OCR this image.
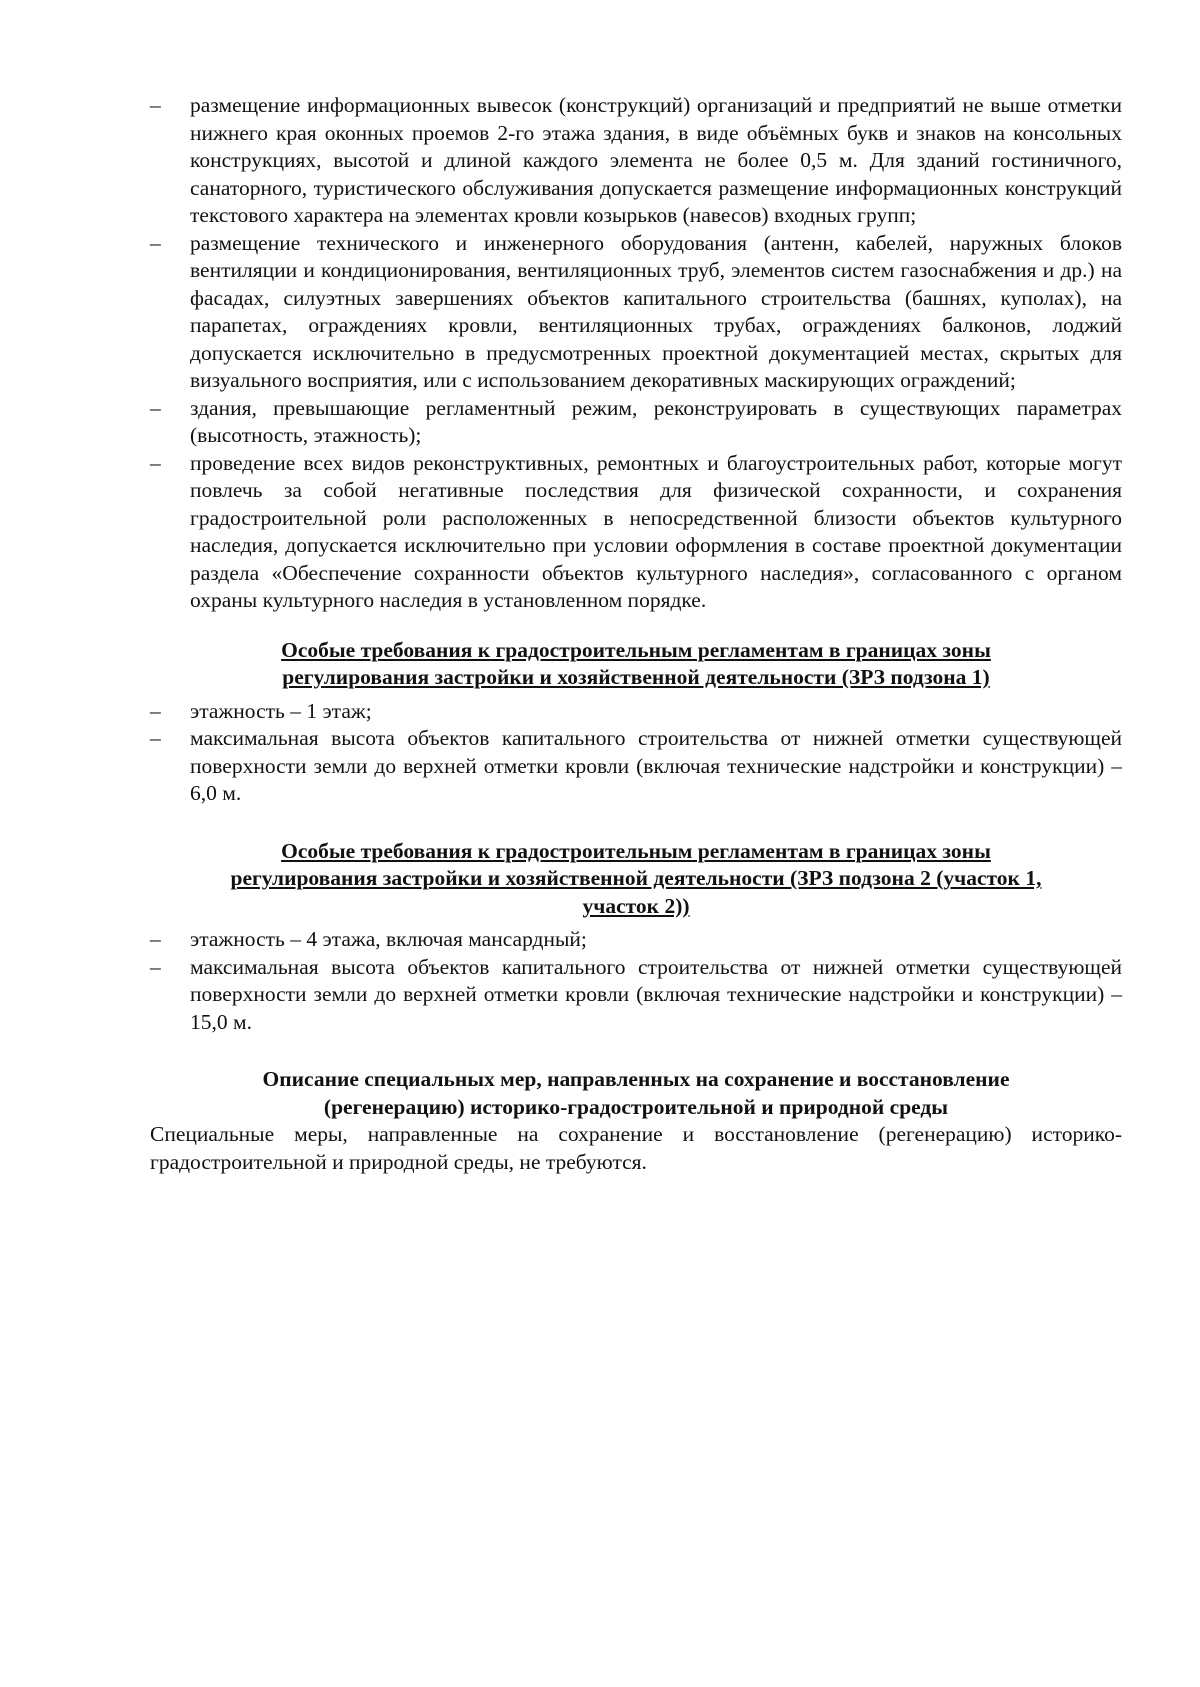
– размещение информационных вывесок (конструкций) организаций и предприятий не выше отметки нижнего края оконных проемов 2-го этажа здания, в виде объёмных букв и знаков на консольных конструкциях, высотой и длиной каждого элемента не более 0,5 м. Для зданий гостиничного, санаторного, туристического обслуживания допускается размещение информационных конструкций текстового характера на элементах кровли козырьков (навесов) входных групп;
– размещение технического и инженерного оборудования (антенн, кабелей, наружных блоков вентиляции и кондиционирования, вентиляционных труб, элементов систем газоснабжения и др.) на фасадах, силуэтных завершениях объектов капитального строительства (башнях, куполах), на парапетах, ограждениях кровли, вентиляционных трубах, ограждениях балконов, лоджий допускается исключительно в предусмотренных проектной документацией местах, скрытых для визуального восприятия, или с использованием декоративных маскирующих ограждений;
– здания, превышающие регламентный режим, реконструировать в существующих параметрах (высотность, этажность);
– проведение всех видов реконструктивных, ремонтных и благоустроительных работ, которые могут повлечь за собой негативные последствия для физической сохранности, и сохранения градостроительной роли расположенных в непосредственной близости объектов культурного наследия, допускается исключительно при условии оформления в составе проектной документации раздела «Обеспечение сохранности объектов культурного наследия», согласованного с органом охраны культурного наследия в установленном порядке.
Особые требования к градостроительным регламентам в границах зоны
регулирования застройки и хозяйственной деятельности (ЗРЗ подзона 1)
– этажность – 1 этаж;
– максимальная высота объектов капитального строительства от нижней отметки существующей поверхности земли до верхней отметки кровли (включая технические надстройки и конструкции) – 6,0 м.
Особые требования к градостроительным регламентам в границах зоны
регулирования застройки и хозяйственной деятельности (ЗРЗ подзона 2 (участок 1,
участок 2))
– этажность – 4 этажа, включая мансардный;
– максимальная высота объектов капитального строительства от нижней отметки существующей поверхности земли до верхней отметки кровли (включая технические надстройки и конструкции) – 15,0 м.
Описание специальных мер, направленных на сохранение и восстановление
(регенерацию) историко-градостроительной и природной среды
Специальные меры, направленные на сохранение и восстановление (регенерацию) историко-градостроительной и природной среды, не требуются.
